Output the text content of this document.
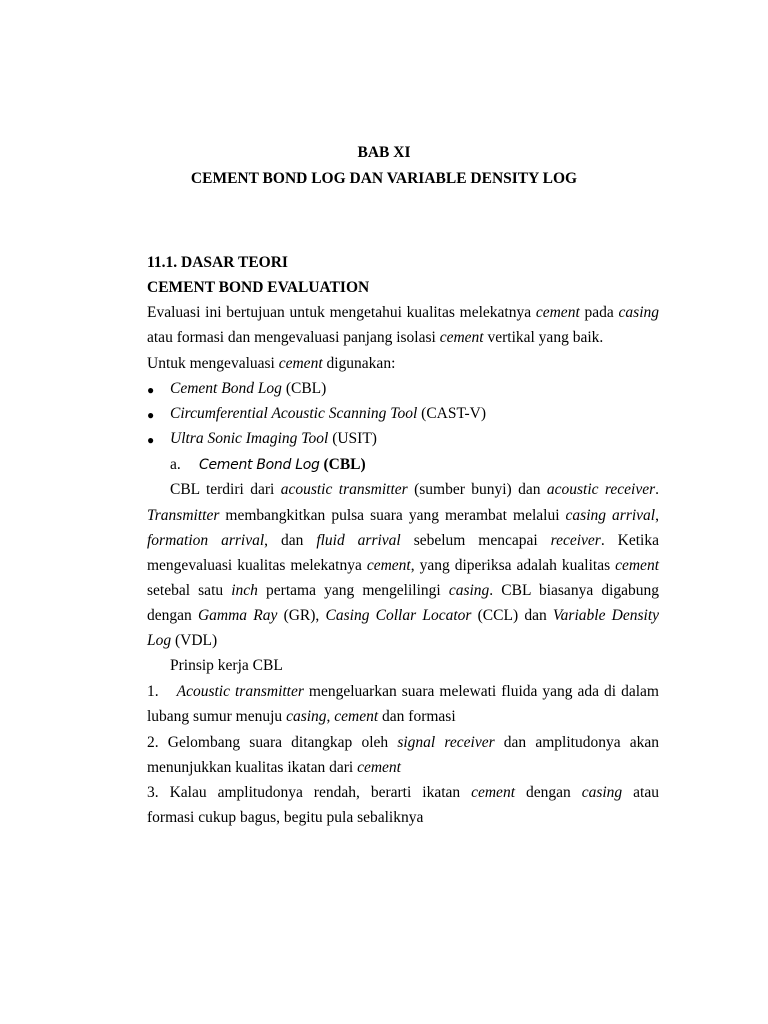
BAB XI
CEMENT BOND LOG DAN VARIABLE DENSITY LOG
11.1. DASAR TEORI
CEMENT BOND EVALUATION
Evaluasi ini bertujuan untuk mengetahui kualitas melekatnya cement pada casing
atau formasi dan mengevaluasi panjang isolasi cement vertikal yang baik.
Untuk mengevaluasi cement digunakan:
● Cement Bond Log (CBL)
● Circumferential Acoustic Scanning Tool (CAST-V)
● Ultra Sonic Imaging Tool (USIT)
a. Cement Bond Log (CBL)
CBL terdiri dari acoustic transmitter (sumber bunyi) dan acoustic receiver.
Transmitter membangkitkan pulsa suara yang merambat melalui casing arrival,
formation arrival, dan fluid arrival sebelum mencapai receiver. Ketika
mengevaluasi kualitas melekatnya cement, yang diperiksa adalah kualitas cement
setebal satu inch pertama yang mengelilingi casing. CBL biasanya digabung
dengan Gamma Ray (GR), Casing Collar Locator (CCL) dan Variable Density
Log (VDL)
Prinsip kerja CBL
1. Acoustic transmitter mengeluarkan suara melewati fluida yang ada di dalam
lubang sumur menuju casing, cement dan formasi
2. Gelombang suara ditangkap oleh signal receiver dan amplitudonya akan
menunjukkan kualitas ikatan dari cement
3. Kalau amplitudonya rendah, berarti ikatan cement dengan casing atau
formasi cukup bagus, begitu pula sebaliknya
